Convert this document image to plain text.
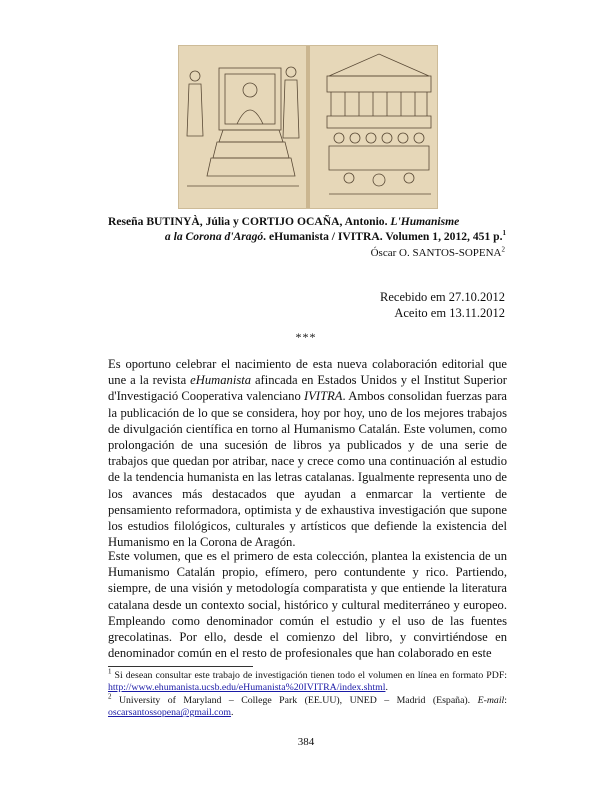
Reseña BUTINYÀ, Júlia y CORTIJO OCAÑA, Antonio. L'Humanisme
a la Corona d'Aragó. eHumanista / IVITRA. Volumen 1, 2012, 451 p.$^1$
Óscar O. SANTOS-SOPENA$^2$
Recebido em 27.10.2012
Aceito em 13.11.2012
***
Es oportuno celebrar el nacimiento de esta nueva colaboración editorial que une a la revista eHumanista afincada en Estados Unidos y el Institut Superior d'Investigació Cooperativa valenciano IVITRA. Ambos consolidan fuerzas para la publicación de lo que se considera, hoy por hoy, uno de los mejores trabajos de divulgación científica en torno al Humanismo Catalán. Este volumen, como prolongación de una sucesión de libros ya publicados y de una serie de trabajos que quedan por atribar, nace y crece como una continuación al estudio de la tendencia humanista en las letras catalanas. Igualmente representa uno de los avances más destacados que ayudan a enmarcar la vertiente de pensamiento reformadora, optimista y de exhaustiva investigación que supone los estudios filológicos, culturales y artísticos que defiende la existencia del Humanismo en la Corona de Aragón.
Este volumen, que es el primero de esta colección, plantea la existencia de un Humanismo Catalán propio, efímero, pero contundente y rico. Partiendo, siempre, de una visión y metodología comparatista y que entiende la literatura catalana desde un contexto social, histórico y cultural mediterráneo y europeo. Empleando como denominador común el estudio y el uso de las fuentes grecolatinas. Por ello, desde el comienzo del libro, y convirtiéndose en denominador común en el resto de profesionales que han colaborado en este

$^1$ Si desean consultar este trabajo de investigación tienen todo el volumen en línea en formato PDF: http://www.ehumanista.ucsb.edu/eHumanista%20IVITRA/index.shtml.

$^2$ University of Maryland – College Park (EE.UU), UNED – Madrid (España). E-mail: oscarsantossopena@gmail.com.

384
